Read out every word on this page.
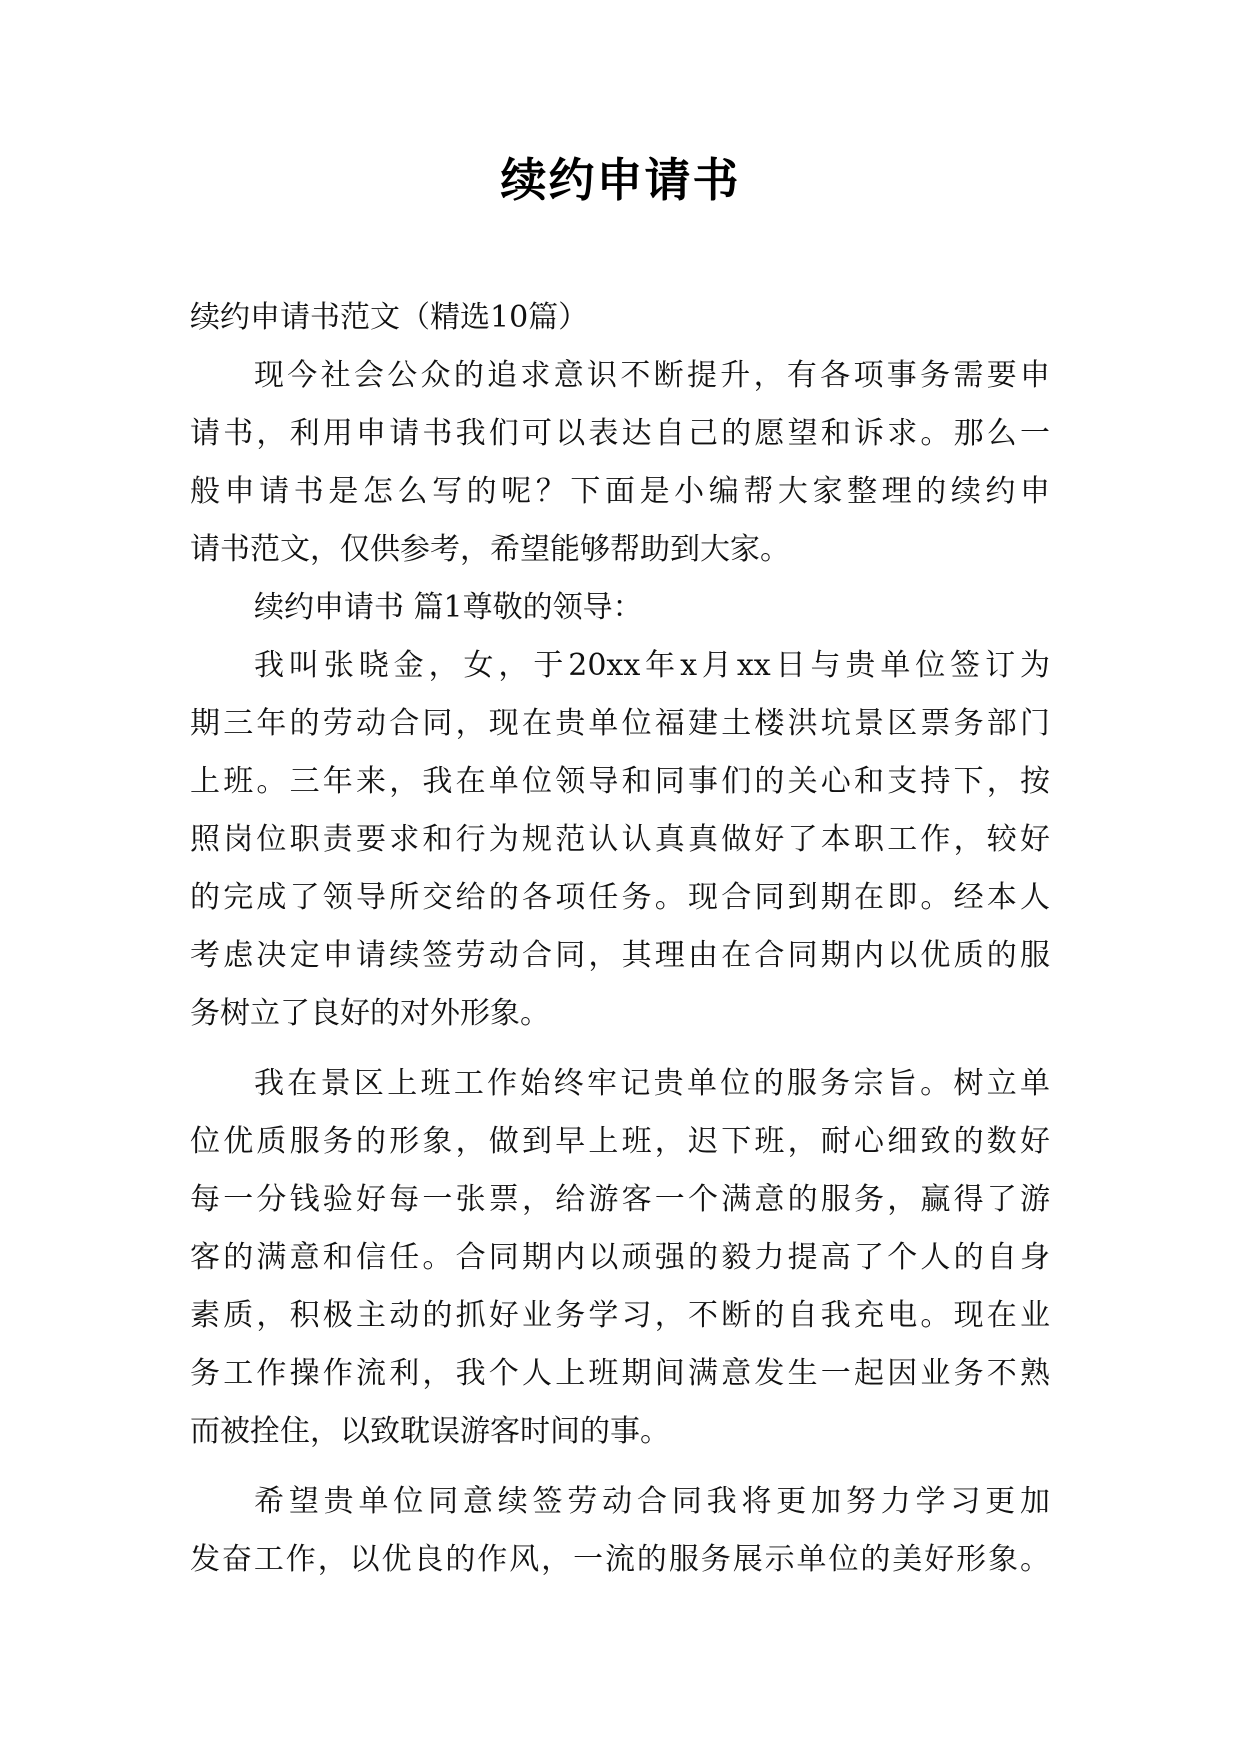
续约申请书
续约申请书范文（精选10篇）
现今社会公众的追求意识不断提升，有各项事务需要申
请书，利用申请书我们可以表达自己的愿望和诉求。那么一
般申请书是怎么写的呢？下面是小编帮大家整理的续约申
请书范文，仅供参考，希望能够帮助到大家。
续约申请书 篇1尊敬的领导：
我叫张晓金，女，于20xx年x月xx日与贵单位签订为
期三年的劳动合同，现在贵单位福建土楼洪坑景区票务部门
上班。三年来，我在单位领导和同事们的关心和支持下，按
照岗位职责要求和行为规范认认真真做好了本职工作，较好
的完成了领导所交给的各项任务。现合同到期在即。经本人
考虑决定申请续签劳动合同，其理由在合同期内以优质的服
务树立了良好的对外形象。
我在景区上班工作始终牢记贵单位的服务宗旨。树立单
位优质服务的形象，做到早上班，迟下班，耐心细致的数好
每一分钱验好每一张票，给游客一个满意的服务，赢得了游
客的满意和信任。合同期内以顽强的毅力提高了个人的自身
素质，积极主动的抓好业务学习，不断的自我充电。现在业
务工作操作流利，我个人上班期间满意发生一起因业务不熟
而被拴住，以致耽误游客时间的事。
希望贵单位同意续签劳动合同我将更加努力学习更加
发奋工作，以优良的作风，一流的服务展示单位的美好形象。
